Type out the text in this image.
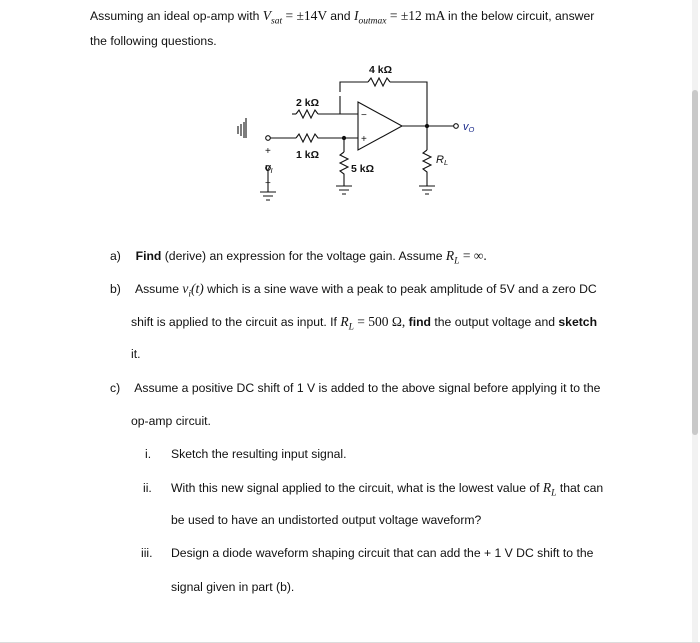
Assuming an ideal op-amp with $V_{sat} = \pm 14V$ and $I_{outmax} = \pm 12$ mA in the below circuit, answer
the following questions.
4 kΩ
2 kΩ
1 kΩ
5 kΩ
−
+
+
−
vI
vO
RL
a) Find (derive) an expression for the voltage gain. Assume $R_L$ = ∞.
b) Assume $v_i(t)$ which is a sine wave with a peak to peak amplitude of 5V and a zero DC
shift is applied to the circuit as input. If $R_L = 500$ Ω, find the output voltage and sketch
it.
c) Assume a positive DC shift of 1 V is added to the above signal before applying it to the
op-amp circuit.
i. Sketch the resulting input signal.
ii. With this new signal applied to the circuit, what is the lowest value of $R_L$ that can
be used to have an undistorted output voltage waveform?
iii. Design a diode waveform shaping circuit that can add the + 1 V DC shift to the
signal given in part (b).
